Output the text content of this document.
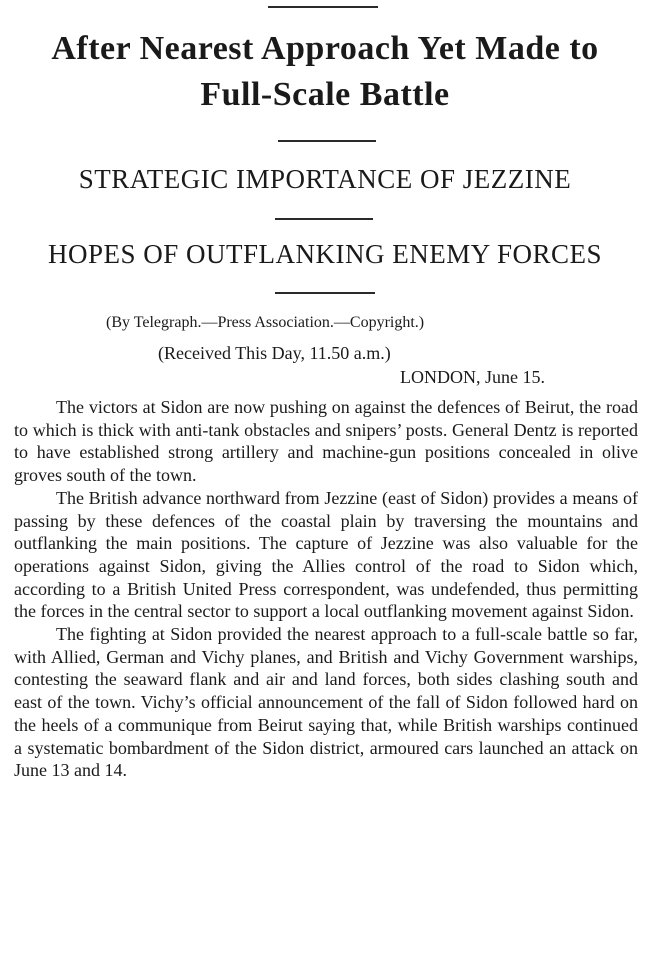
After Nearest Approach Yet Made to
Full-Scale Battle
STRATEGIC IMPORTANCE OF JEZZINE
HOPES OF OUTFLANKING ENEMY FORCES
(By Telegraph.—Press Association.—Copyright.)
(Received This Day, 11.50 a.m.)
LONDON, June 15.

The victors at Sidon are now pushing on against the defences of Beirut, the road to which is thick with anti-tank obstacles and snipers’ posts. General Dentz is reported to have established strong artillery and machine-gun positions concealed in olive groves south of the town.

The British advance northward from Jezzine (east of Sidon) provides a means of passing by these defences of the coastal plain by traversing the mountains and outflanking the main positions. The capture of Jezzine was also valuable for the operations against Sidon, giving the Allies control of the road to Sidon which, according to a British United Press correspondent, was undefended, thus permitting the forces in the central sector to support a local outflanking movement against Sidon.

The fighting at Sidon provided the nearest approach to a full-scale battle so far, with Allied, German and Vichy planes, and British and Vichy Government warships, contesting the seaward flank and air and land forces, both sides clashing south and east of the town. Vichy’s official announcement of the fall of Sidon followed hard on the heels of a communique from Beirut saying that, while British warships continued a systematic bombardment of the Sidon district, armoured cars launched an attack on June 13 and 14.
